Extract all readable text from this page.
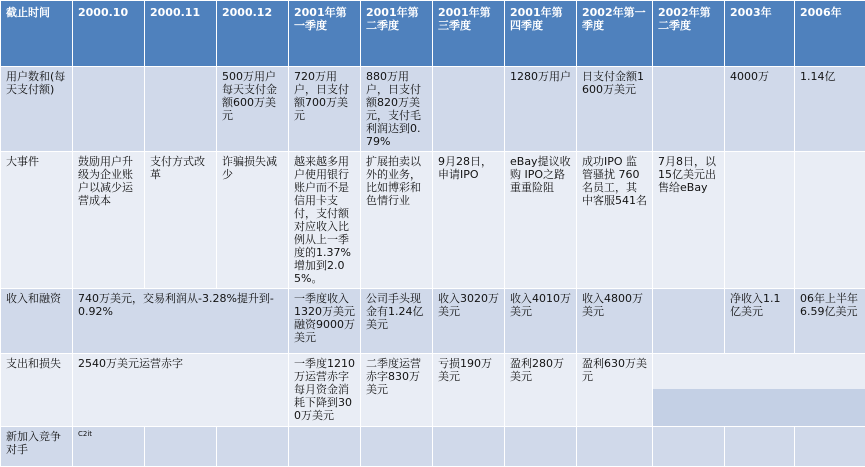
截止时间	2000.10	2000.11	2000.12	2001年第一季度	2001年第二季度	2001年第三季度	2001年第四季度	2002年第一季度	2002年第二季度	2003年	2006年
用户数和(每天支付额)			500万用户每天支付金额600万美元	720万用户，日支付额700万美元	880万用户，日支付额820万美元，支付毛利润达到0.79%		1280万用户	日支付金额1600万美元		4000万	1.14亿
大事件	鼓励用户升级为企业账户以减少运营成本	支付方式改革	诈骗损失减少	越来越多用户使用银行账户而不是信用卡支付，支付额对应收入比例从上一季度的1.37%增加到2.05%。	扩展拍卖以外的业务，比如博彩和色情行业	9月28日，申请IPO	eBay提议收购 IPO之路重重险阻	成功IPO 监管骚扰 760名员工，其中客服541名	7月8日，以15亿美元出售给eBay		
收入和融资	740万美元，交易利润从-3.28%提升到-0.92%			一季度收入1320万美元 融资9000万美元	公司手头现金有1.24亿美元	收入3020万美元	收入4010万美元	收入4800万美元		净收入1.1亿美元	06年上半年6.59亿美元
支出和损失	2540万美元运营赤字			一季度1210万运营赤字 每月资金消耗下降到300万美元	二季度运营赤字830万美元	亏损190万美元	盈利280万美元	盈利630万美元			

新加入竞争对手	C2it										
